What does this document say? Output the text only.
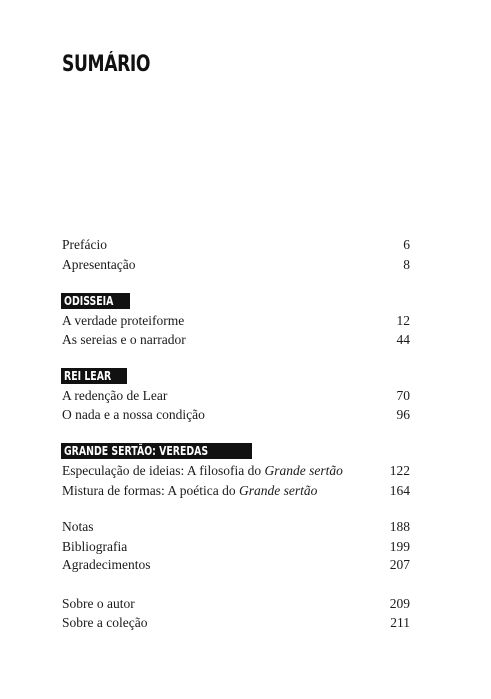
SUMÁRIO
Prefácio	6
Apresentação	8
ODISSEIA
A verdade proteiforme	12
As sereias e o narrador	44
REI LEAR
A redenção de Lear	70
O nada e a nossa condição	96
GRANDE SERTÃO: VEREDAS
Especulação de ideias: A filosofia do Grande sertão	122
Mistura de formas: A poética do Grande sertão	164
Notas	188
Bibliografia	199
Agradecimentos	207
Sobre o autor	209
Sobre a coleção	211
